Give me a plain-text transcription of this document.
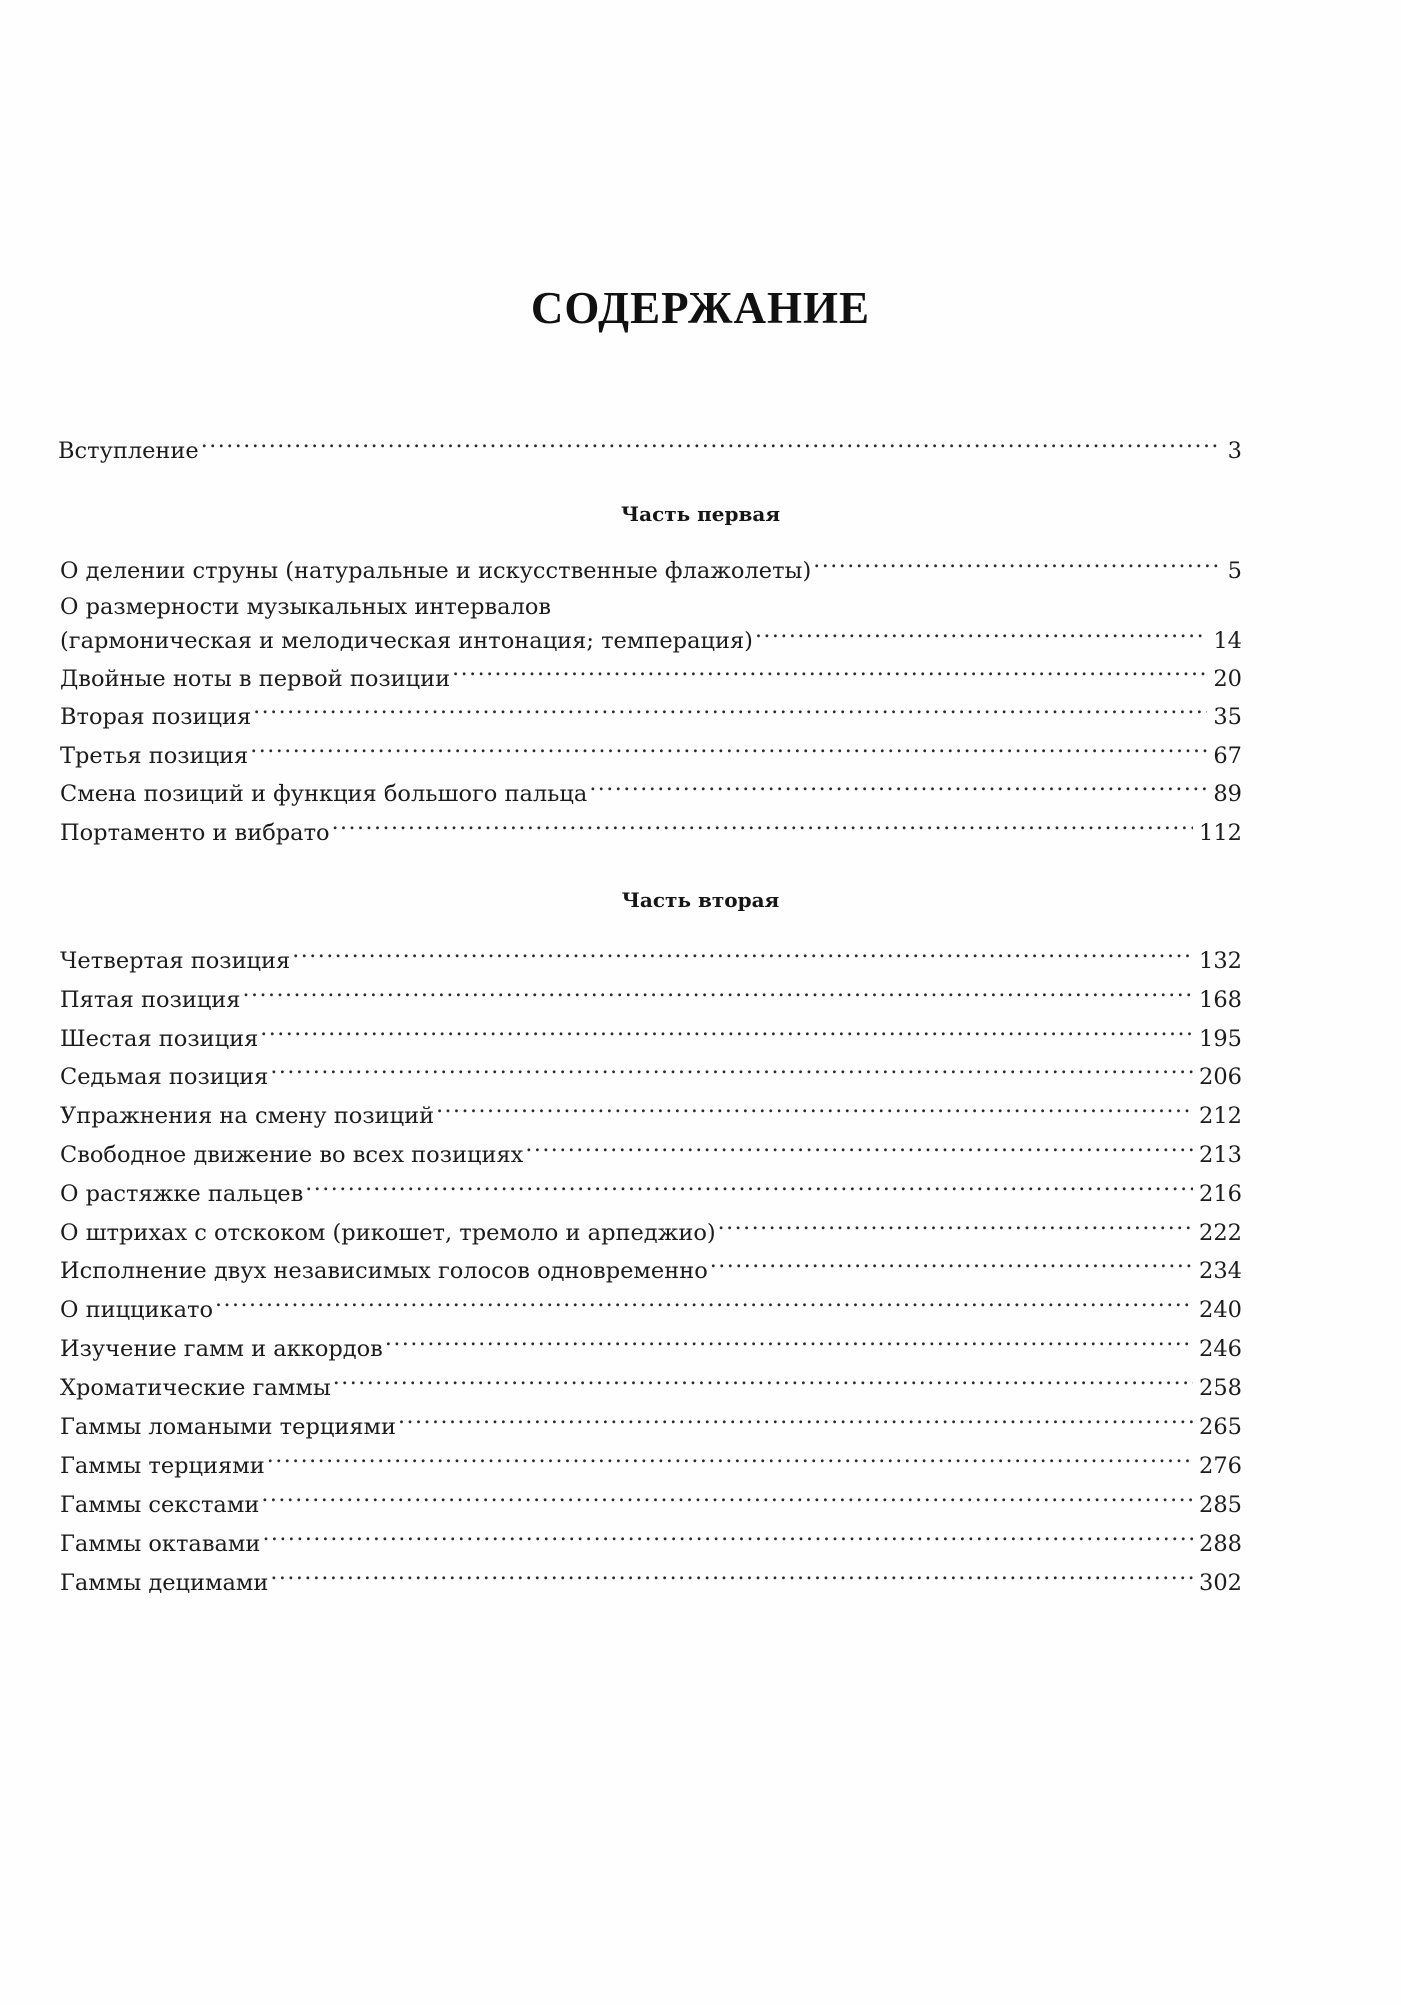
СОДЕРЖАНИЕ
Вступление .....	3
Часть первая
О делении струны (натуральные и искусственные флажолеты) .....	5
О размерности музыкальных интервалов
(гармоническая и мелодическая интонация; темперация) .....	14
Двойные ноты в первой позиции .....	20
Вторая позиция .....	35
Третья позиция .....	67
Смена позиций и функция большого пальца .....	89
Портаменто и вибрато .....	112
Часть вторая
Четвертая позиция .....	132
Пятая позиция .....	168
Шестая позиция .....	195
Седьмая позиция .....	206
Упражнения на смену позиций .....	212
Свободное движение во всех позициях .....	213
О растяжке пальцев .....	216
О штрихах с отскоком (рикошет, тремоло и арпеджио) .....	222
Исполнение двух независимых голосов одновременно .....	234
О пиццикато .....	240
Изучение гамм и аккордов .....	246
Хроматические гаммы .....	258
Гаммы ломаными терциями .....	265
Гаммы терциями .....	276
Гаммы секстами .....	285
Гаммы октавами .....	288
Гаммы децимами .....	302
